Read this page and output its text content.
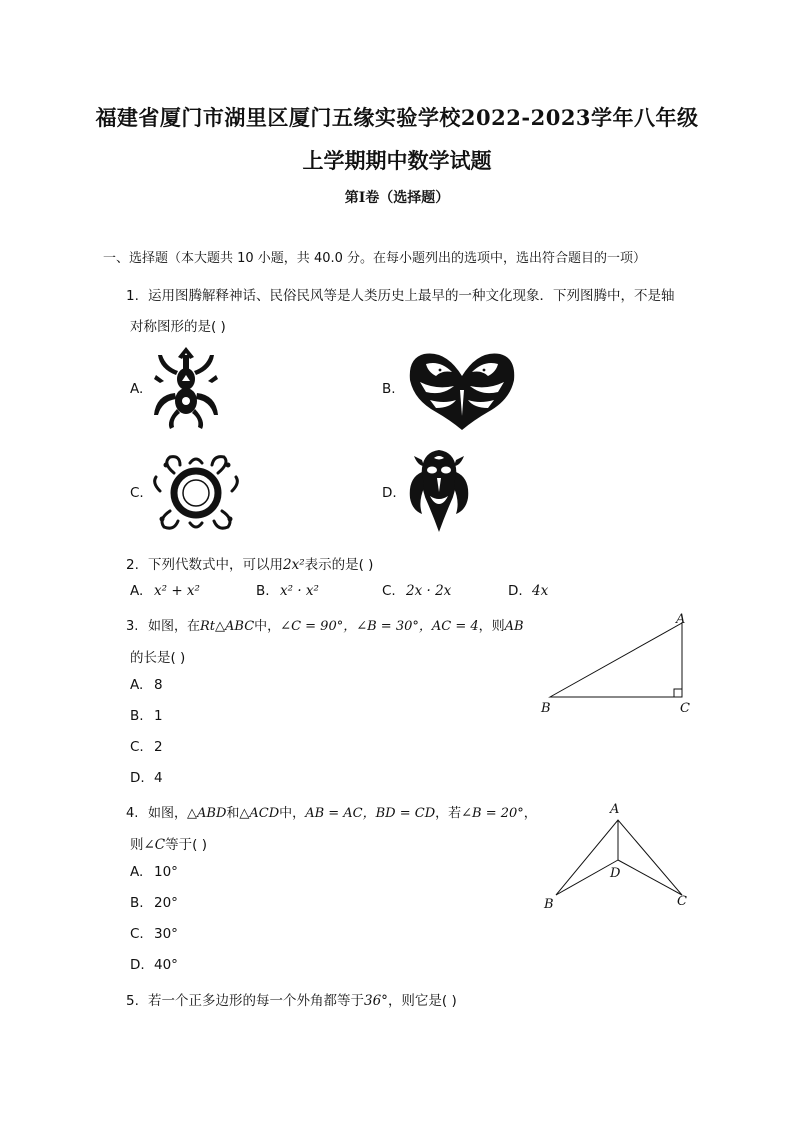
福建省厦门市湖里区厦门五缘实验学校2022-2023学年八年级
上学期期中数学试题
第I卷（选择题）
一、选择题（本大题共 10 小题，共 40.0 分。在每小题列出的选项中，选出符合题目的一项）
1. 运用图腾解释神话、民俗民风等是人类历史上最早的一种文化现象．下列图腾中，不是轴
对称图形的是( )
A.	B.
C.	D.
2. 下列代数式中，可以用2x²表示的是( )
A. x² + x²	B. x² · x²	C. 2x · 2x	D. 4x
3. 如图，在Rt△ABC中，∠C = 90°，∠B = 30°，AC = 4，则AB
的长是( )
A. 8
B. 1
C. 2
D. 4
A
B	C
4. 如图，△ABD和△ACD中，AB = AC，BD = CD，若∠B = 20°，
则∠C等于( )
A. 10°
B. 20°
C. 30°
D. 40°
A
B	C
D
5. 若一个正多边形的每一个外角都等于36°，则它是( )
